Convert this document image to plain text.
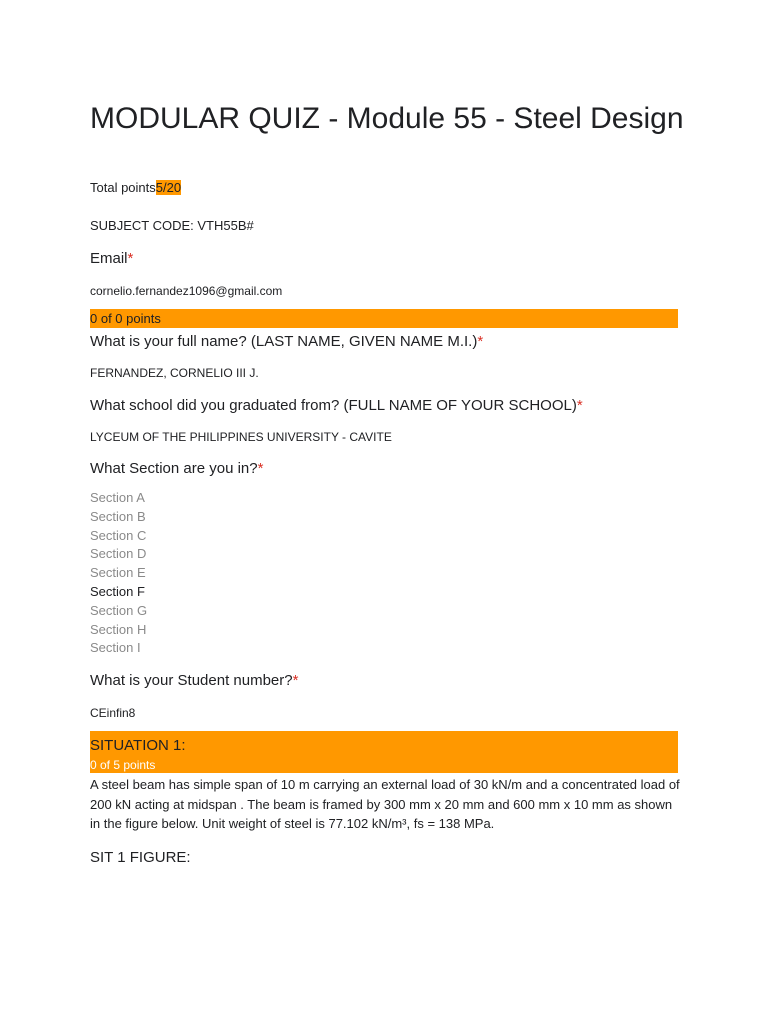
MODULAR QUIZ - Module 55 - Steel Design
Total points5/20
SUBJECT CODE: VTH55B#
Email*
cornelio.fernandez1096@gmail.com
0 of 0 points
What is your full name? (LAST NAME, GIVEN NAME M.I.)*
FERNANDEZ, CORNELIO III J.
What school did you graduated from? (FULL NAME OF YOUR SCHOOL)*
LYCEUM OF THE PHILIPPINES UNIVERSITY - CAVITE
What Section are you in?*
Section A
Section B
Section C
Section D
Section E
Section F
Section G
Section H
Section I
What is your Student number?*
CEinfin8
SITUATION 1:
0 of 5 points
A steel beam has simple span of 10 m carrying an external load of 30 kN/m and a concentrated load of 200 kN acting at midspan . The beam is framed by 300 mm x 20 mm and 600 mm x 10 mm as shown in the figure below. Unit weight of steel is 77.102 kN/m³, fs = 138 MPa.
SIT 1 FIGURE:
